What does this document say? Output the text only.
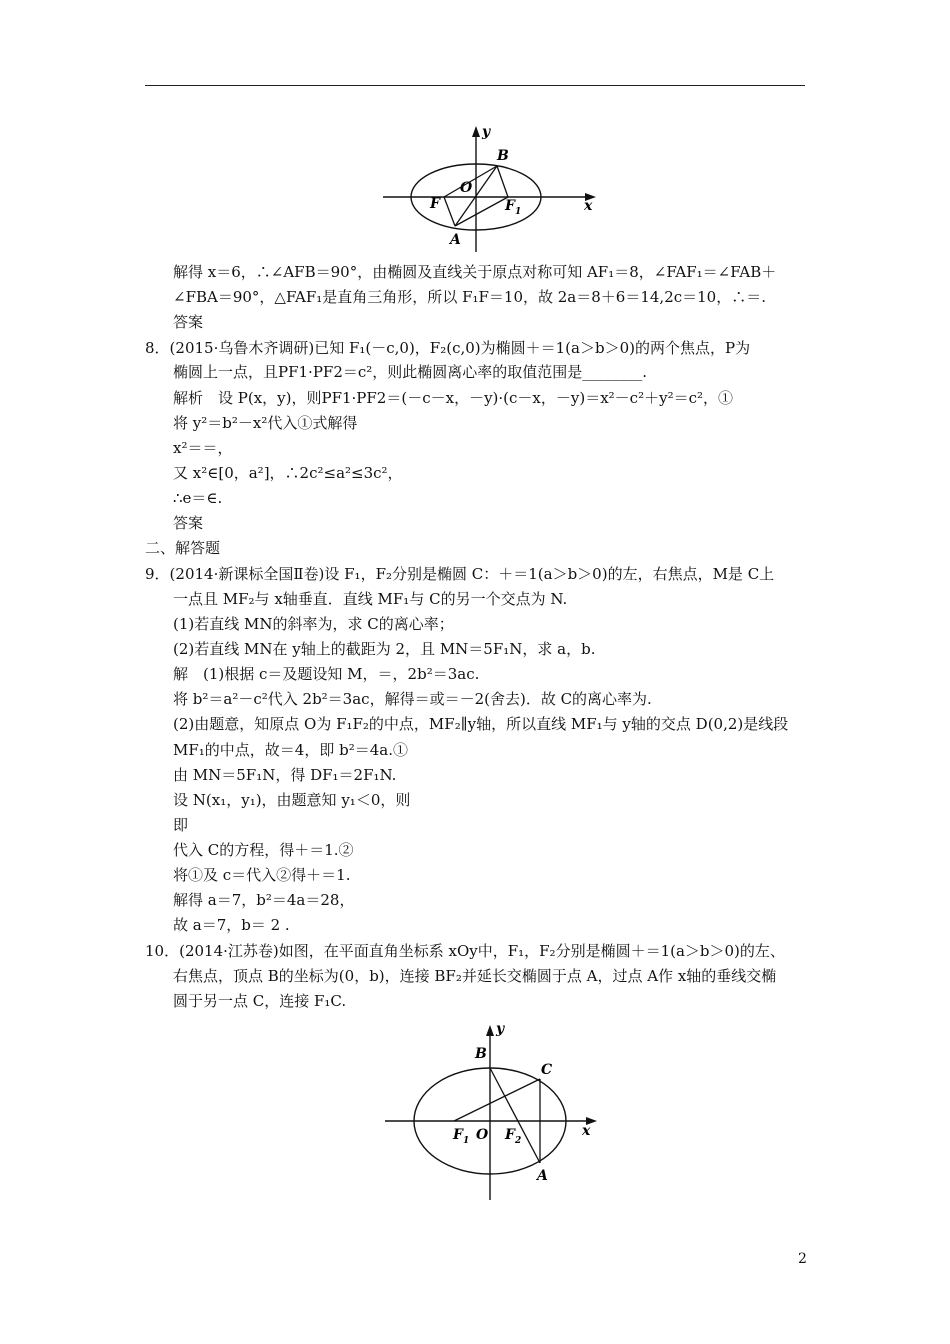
y
x
B
O
F	F 1
A
解得 x＝6，∴∠AFB＝90°，由椭圆及直线关于原点对称可知 AF₁＝8，∠FAF₁＝∠FAB＋
∠FBA＝90°，△FAF₁是直角三角形，所以 F₁F＝10，故 2a＝8＋6＝14,2c＝10，∴＝.
答案
8．(2015·乌鲁木齐调研)已知 F₁(－c,0)，F₂(c,0)为椭圆＋＝1(a＞b＞0)的两个焦点，P为
椭圆上一点，且PF1·PF2＝c²，则此椭圆离心率的取值范围是________.
解析　设 P(x，y)，则PF1·PF2＝(－c－x，－y)·(c－x，－y)＝x²－c²＋y²＝c²，①
将 y²＝b²－x²代入①式解得
x²＝＝，
又 x²∈[0，a²]，∴2c²≤a²≤3c²，
∴e＝∈.
答案
二、解答题
9．(2014·新课标全国Ⅱ卷)设 F₁，F₂分别是椭圆 C：＋＝1(a＞b＞0)的左，右焦点，M是 C上
一点且 MF₂与 x轴垂直．直线 MF₁与 C的另一个交点为 N.
(1)若直线 MN的斜率为，求 C的离心率；
(2)若直线 MN在 y轴上的截距为 2，且 MN＝5F₁N，求 a，b.
解　(1)根据 c＝及题设知 M，＝，2b²＝3ac.
将 b²＝a²－c²代入 2b²＝3ac，解得＝或＝－2(舍去)．故 C的离心率为.
(2)由题意，知原点 O为 F₁F₂的中点，MF₂∥y轴，所以直线 MF₁与 y轴的交点 D(0,2)是线段
MF₁的中点，故＝4，即 b²＝4a.①
由 MN＝5F₁N，得 DF₁＝2F₁N.
设 N(x₁，y₁)，由题意知 y₁＜0，则
即
代入 C的方程，得＋＝1.②
将①及 c＝代入②得＋＝1.
解得 a＝7，b²＝4a＝28，
故 a＝7，b＝ 2 .
10．(2014·江苏卷)如图，在平面直角坐标系 xOy中，F₁，F₂分别是椭圆＋＝1(a＞b＞0)的左、
右焦点，顶点 B的坐标为(0，b)，连接 BF₂并延长交椭圆于点 A，过点 A作 x轴的垂线交椭
圆于另一点 C，连接 F₁C.
y
x
B
C
F 1 O F 2
A
2
